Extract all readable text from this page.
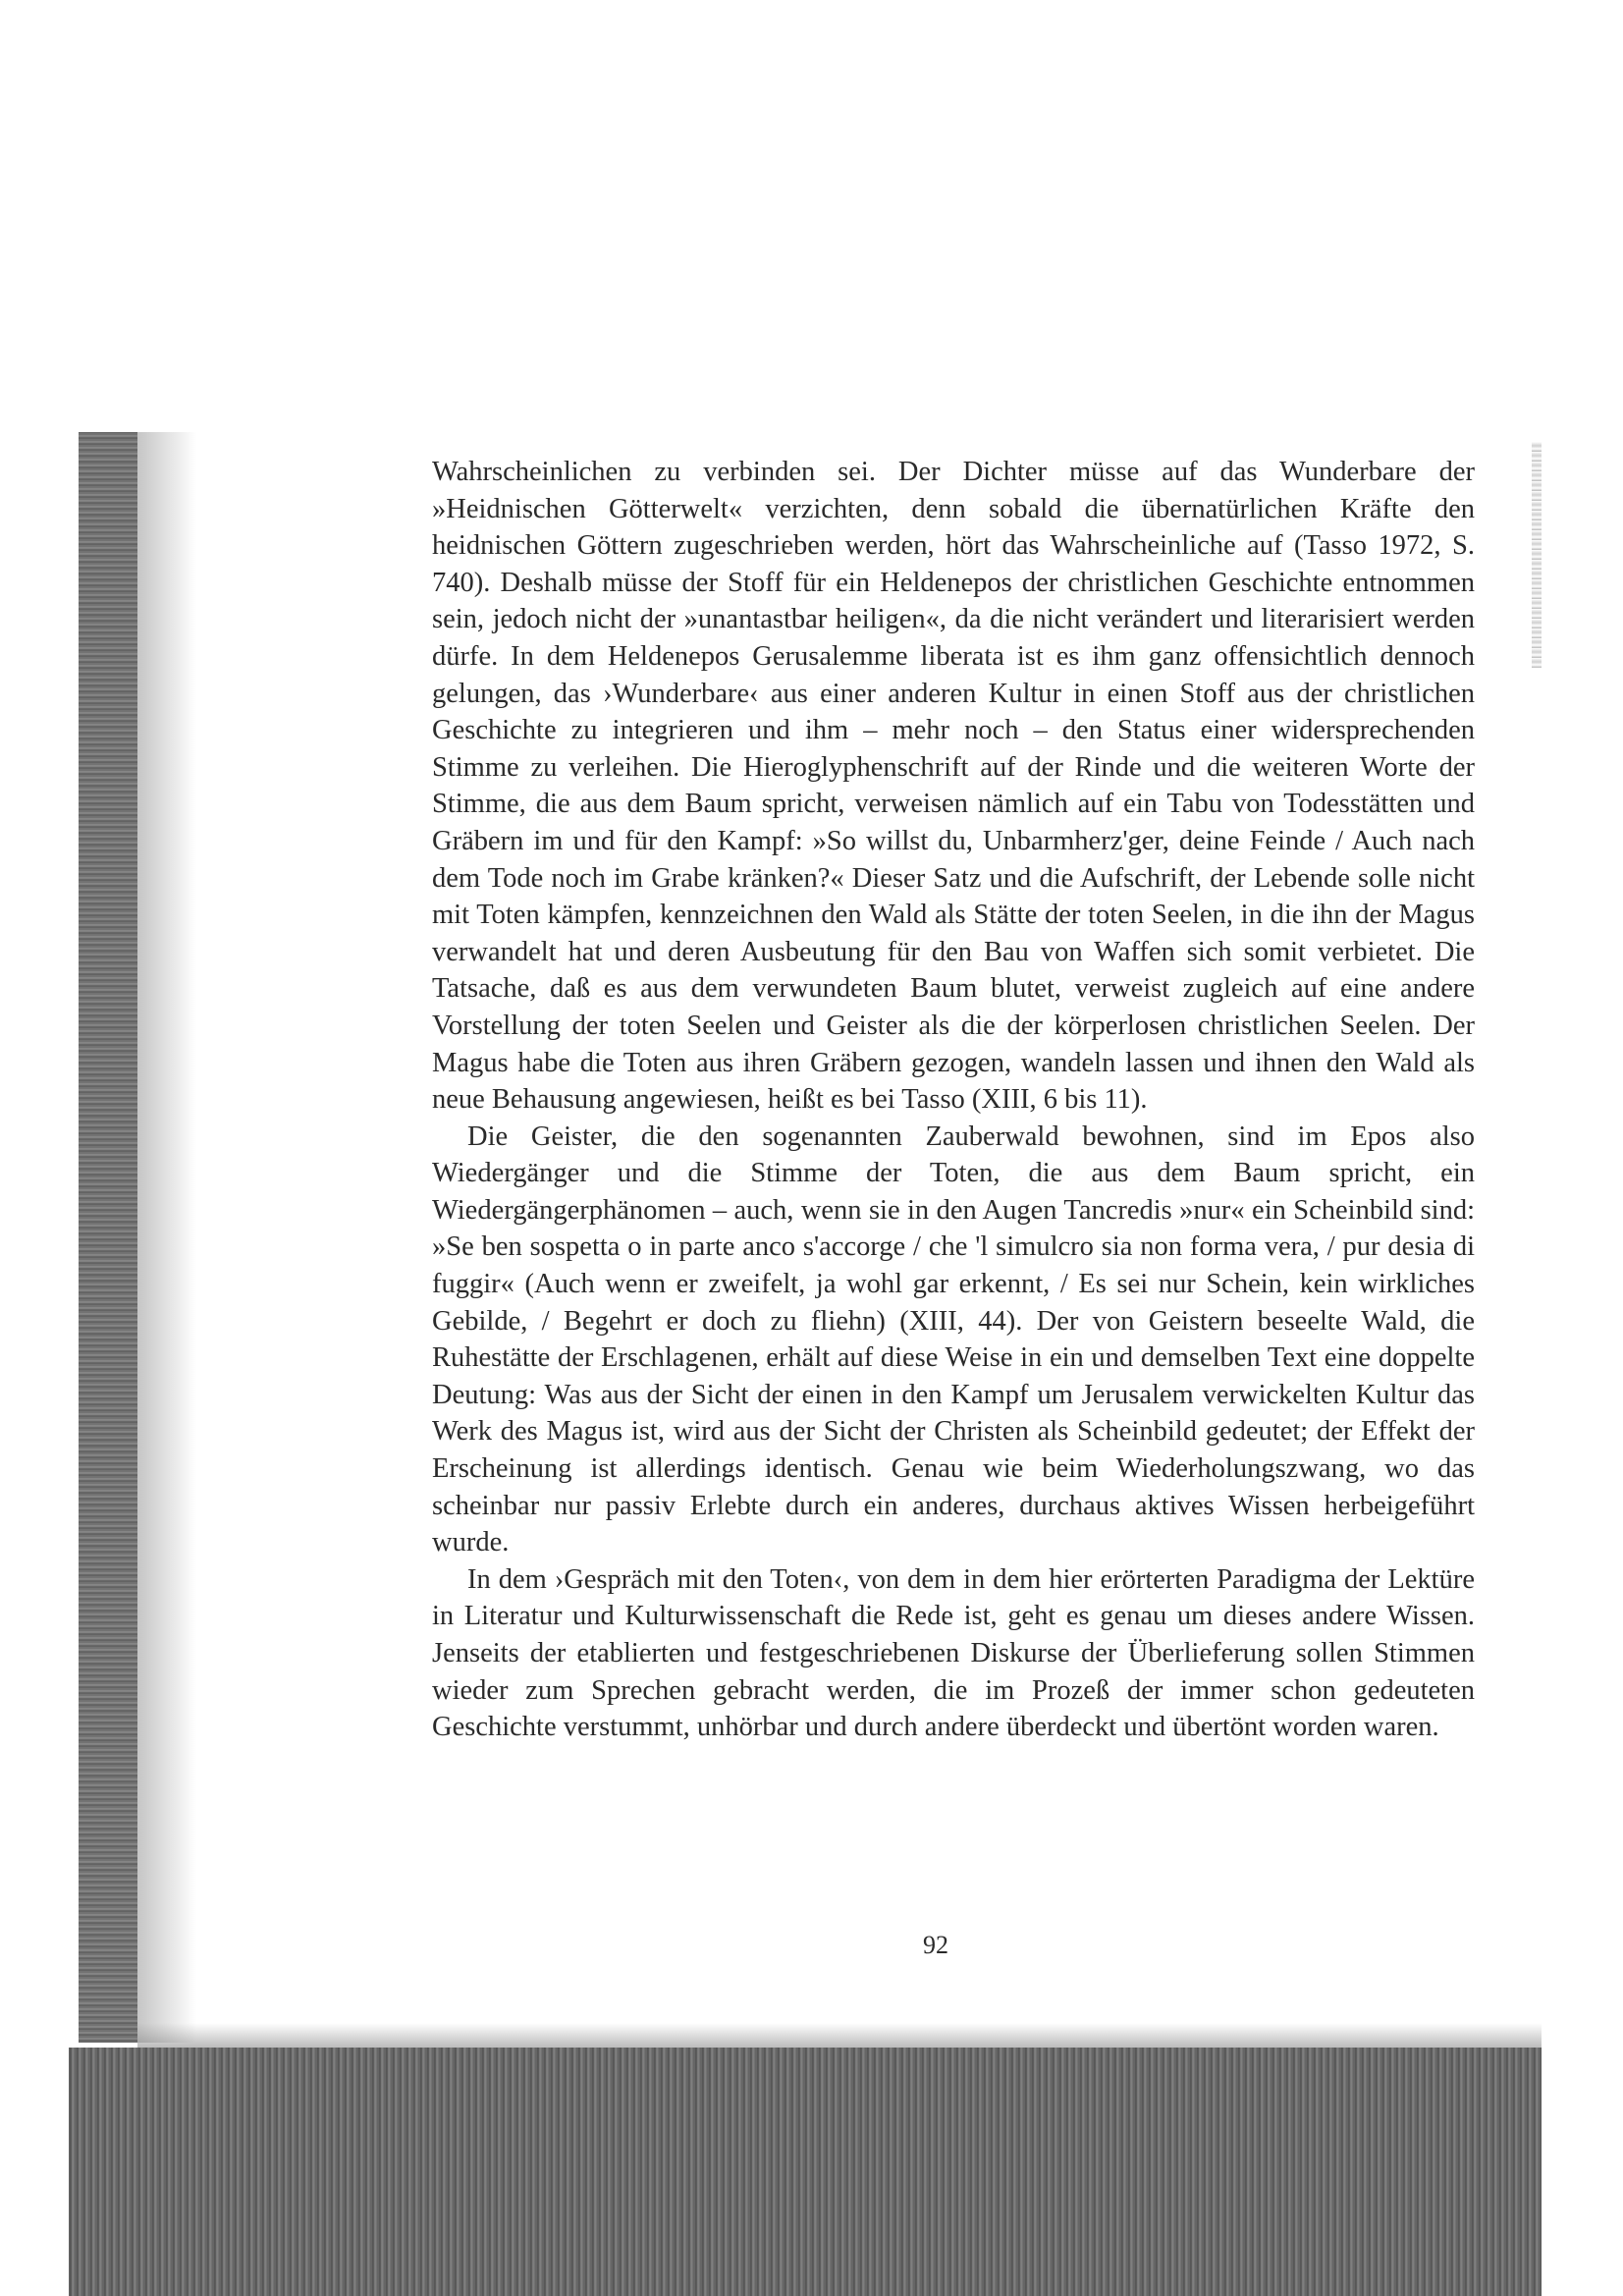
Wahrscheinlichen zu verbinden sei. Der Dichter müsse auf das Wunderbare der »Heidnischen Götterwelt« verzichten, denn sobald die übernatürlichen Kräfte den heidnischen Göttern zugeschrieben werden, hört das Wahrscheinliche auf (Tasso 1972, S. 740). Deshalb müsse der Stoff für ein Heldenepos der christlichen Geschichte entnommen sein, jedoch nicht der »unantastbar heiligen«, da die nicht verändert und literarisiert werden dürfe. In dem Heldenepos Gerusalemme liberata ist es ihm ganz offensichtlich dennoch gelungen, das ›Wunderbare‹ aus einer anderen Kultur in einen Stoff aus der christlichen Geschichte zu integrieren und ihm – mehr noch – den Status einer widersprechenden Stimme zu verleihen. Die Hieroglyphenschrift auf der Rinde und die weiteren Worte der Stimme, die aus dem Baum spricht, verweisen nämlich auf ein Tabu von Todesstätten und Gräbern im und für den Kampf: »So willst du, Unbarmherz'ger, deine Feinde / Auch nach dem Tode noch im Grabe kränken?« Dieser Satz und die Aufschrift, der Lebende solle nicht mit Toten kämpfen, kennzeichnen den Wald als Stätte der toten Seelen, in die ihn der Magus verwandelt hat und deren Ausbeutung für den Bau von Waffen sich somit verbietet. Die Tatsache, daß es aus dem verwundeten Baum blutet, verweist zugleich auf eine andere Vorstellung der toten Seelen und Geister als die der körperlosen christlichen Seelen. Der Magus habe die Toten aus ihren Gräbern gezogen, wandeln lassen und ihnen den Wald als neue Behausung angewiesen, heißt es bei Tasso (XIII, 6 bis 11).

Die Geister, die den sogenannten Zauberwald bewohnen, sind im Epos also Wiedergänger und die Stimme der Toten, die aus dem Baum spricht, ein Wiedergängerphänomen – auch, wenn sie in den Augen Tancredis »nur« ein Scheinbild sind: »Se ben sospetta o in parte anco s'accorge / che 'l simulcro sia non forma vera, / pur desia di fuggir« (Auch wenn er zweifelt, ja wohl gar erkennt, / Es sei nur Schein, kein wirkliches Gebilde, / Begehrt er doch zu fliehn) (XIII, 44). Der von Geistern beseelte Wald, die Ruhestätte der Erschlagenen, erhält auf diese Weise in ein und demselben Text eine doppelte Deutung: Was aus der Sicht der einen in den Kampf um Jerusalem verwickelten Kultur das Werk des Magus ist, wird aus der Sicht der Christen als Scheinbild gedeutet; der Effekt der Erscheinung ist allerdings identisch. Genau wie beim Wiederholungszwang, wo das scheinbar nur passiv Erlebte durch ein anderes, durchaus aktives Wissen herbeigeführt wurde.

In dem ›Gespräch mit den Toten‹, von dem in dem hier erörterten Paradigma der Lektüre in Literatur und Kulturwissenschaft die Rede ist, geht es genau um dieses andere Wissen. Jenseits der etablierten und festgeschriebenen Diskurse der Überlieferung sollen Stimmen wieder zum Sprechen gebracht werden, die im Prozeß der immer schon gedeuteten Geschichte verstummt, unhörbar und durch andere überdeckt und übertönt worden waren.

92
